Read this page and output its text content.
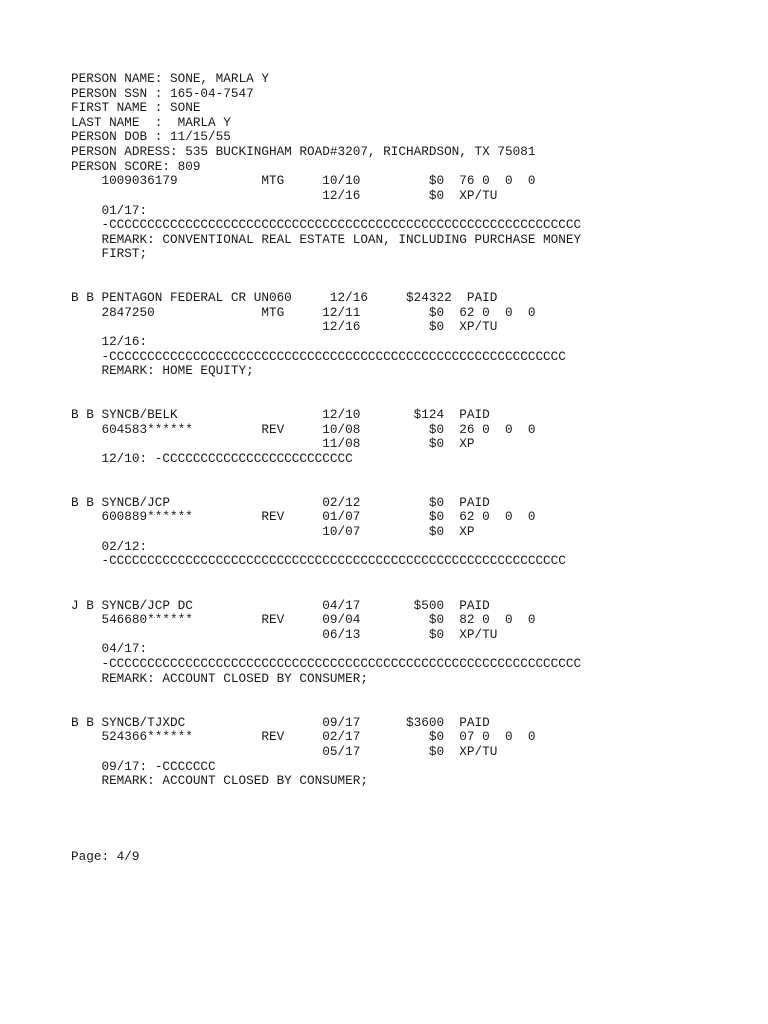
PERSON NAME: SONE, MARLA Y

PERSON SSN : 165-04-7547

FIRST NAME : SONE

LAST NAME  :  MARLA Y

PERSON DOB : 11/15/55

PERSON ADRESS: 535 BUCKINGHAM ROAD#3207, RICHARDSON, TX 75081

PERSON SCORE: 809

1009036179           MTG     10/10         $0  76 0  0  0

12/16         $0  XP/TU

01/17:

-CCCCCCCCCCCCCCCCCCCCCCCCCCCCCCCCCCCCCCCCCCCCCCCCCCCCCCCCCCCCCC

REMARK: CONVENTIONAL REAL ESTATE LOAN, INCLUDING PURCHASE MONEY

FIRST;

B B PENTAGON FEDERAL CR UN060     12/16     $24322  PAID

2847250              MTG     12/11         $0  62 0  0  0

12/16         $0  XP/TU

12/16:

-CCCCCCCCCCCCCCCCCCCCCCCCCCCCCCCCCCCCCCCCCCCCCCCCCCCCCCCCCCCC

REMARK: HOME EQUITY;

B B SYNCB/BELK                   12/10       $124  PAID

604583******         REV     10/08         $0  26 0  0  0

11/08         $0  XP

12/10: -CCCCCCCCCCCCCCCCCCCCCCCCC

B B SYNCB/JCP                    02/12         $0  PAID

600889******         REV     01/07         $0  62 0  0  0

10/07         $0  XP

02/12:

-CCCCCCCCCCCCCCCCCCCCCCCCCCCCCCCCCCCCCCCCCCCCCCCCCCCCCCCCCCCC

J B SYNCB/JCP DC                 04/17       $500  PAID

546680******         REV     09/04         $0  82 0  0  0

06/13         $0  XP/TU

04/17:

-CCCCCCCCCCCCCCCCCCCCCCCCCCCCCCCCCCCCCCCCCCCCCCCCCCCCCCCCCCCCCC

REMARK: ACCOUNT CLOSED BY CONSUMER;

B B SYNCB/TJXDC                  09/17      $3600  PAID

524366******         REV     02/17         $0  07 0  0  0

05/17         $0  XP/TU

09/17: -CCCCCCC

REMARK: ACCOUNT CLOSED BY CONSUMER;

Page: 4/9
